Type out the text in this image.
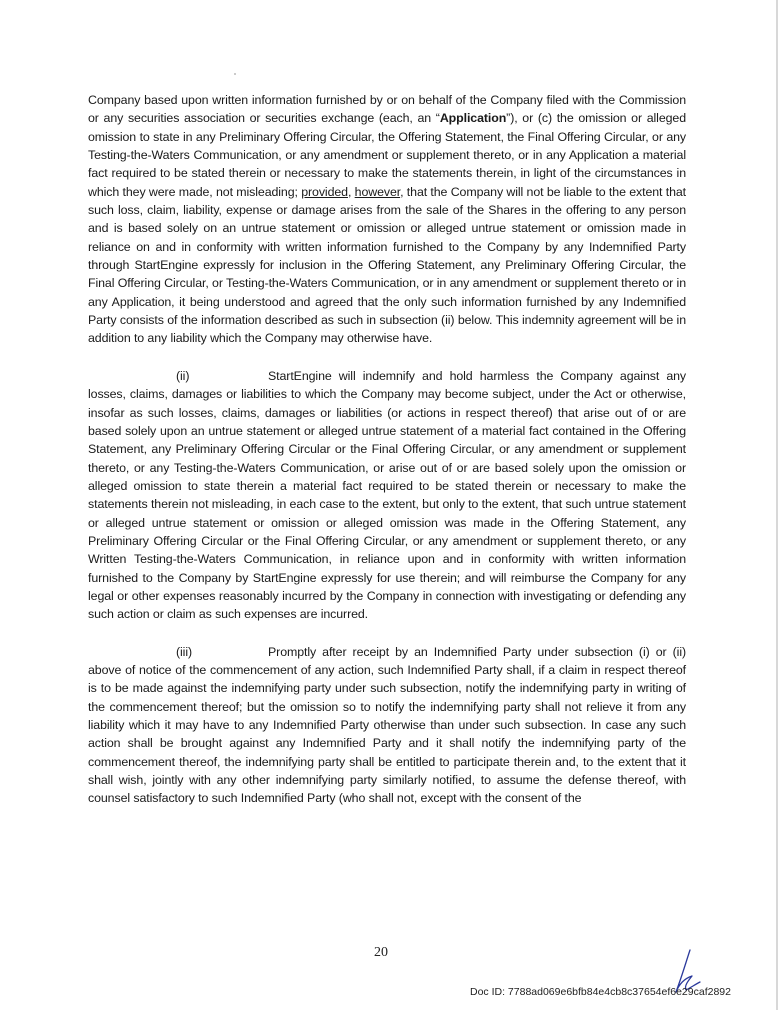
Company based upon written information furnished by or on behalf of the Company filed with the Commission or any securities association or securities exchange (each, an “Application”), or (c) the omission or alleged omission to state in any Preliminary Offering Circular, the Offering Statement, the Final Offering Circular, or any Testing-the-Waters Communication, or any amendment or supplement thereto, or in any Application a material fact required to be stated therein or necessary to make the statements therein, in light of the circumstances in which they were made, not misleading; provided, however, that the Company will not be liable to the extent that such loss, claim, liability, expense or damage arises from the sale of the Shares in the offering to any person and is based solely on an untrue statement or omission or alleged untrue statement or omission made in reliance on and in conformity with written information furnished to the Company by any Indemnified Party through StartEngine expressly for inclusion in the Offering Statement, any Preliminary Offering Circular, the Final Offering Circular, or Testing-the-Waters Communication, or in any amendment or supplement thereto or in any Application, it being understood and agreed that the only such information furnished by any Indemnified Party consists of the information described as such in subsection (ii) below. This indemnity agreement will be in addition to any liability which the Company may otherwise have.

(ii)	StartEngine will indemnify and hold harmless the Company against any losses, claims, damages or liabilities to which the Company may become subject, under the Act or otherwise, insofar as such losses, claims, damages or liabilities (or actions in respect thereof) that arise out of or are based solely upon an untrue statement or alleged untrue statement of a material fact contained in the Offering Statement, any Preliminary Offering Circular or the Final Offering Circular, or any amendment or supplement thereto, or any Testing-the-Waters Communication, or arise out of or are based solely upon the omission or alleged omission to state therein a material fact required to be stated therein or necessary to make the statements therein not misleading, in each case to the extent, but only to the extent, that such untrue statement or alleged untrue statement or omission or alleged omission was made in the Offering Statement, any Preliminary Offering Circular or the Final Offering Circular, or any amendment or supplement thereto, or any Written Testing-the-Waters Communication, in reliance upon and in conformity with written information furnished to the Company by StartEngine expressly for use therein; and will reimburse the Company for any legal or other expenses reasonably incurred by the Company in connection with investigating or defending any such action or claim as such expenses are incurred.

(iii)	Promptly after receipt by an Indemnified Party under subsection (i) or (ii) above of notice of the commencement of any action, such Indemnified Party shall, if a claim in respect thereof is to be made against the indemnifying party under such subsection, notify the indemnifying party in writing of the commencement thereof; but the omission so to notify the indemnifying party shall not relieve it from any liability which it may have to any Indemnified Party otherwise than under such subsection. In case any such action shall be brought against any Indemnified Party and it shall notify the indemnifying party of the commencement thereof, the indemnifying party shall be entitled to participate therein and, to the extent that it shall wish, jointly with any other indemnifying party similarly notified, to assume the defense thereof, with counsel satisfactory to such Indemnified Party (who shall not, except with the consent of the

20
Doc ID: 7788ad069e6bfb84e4cb8c37654ef6e29caf2892
